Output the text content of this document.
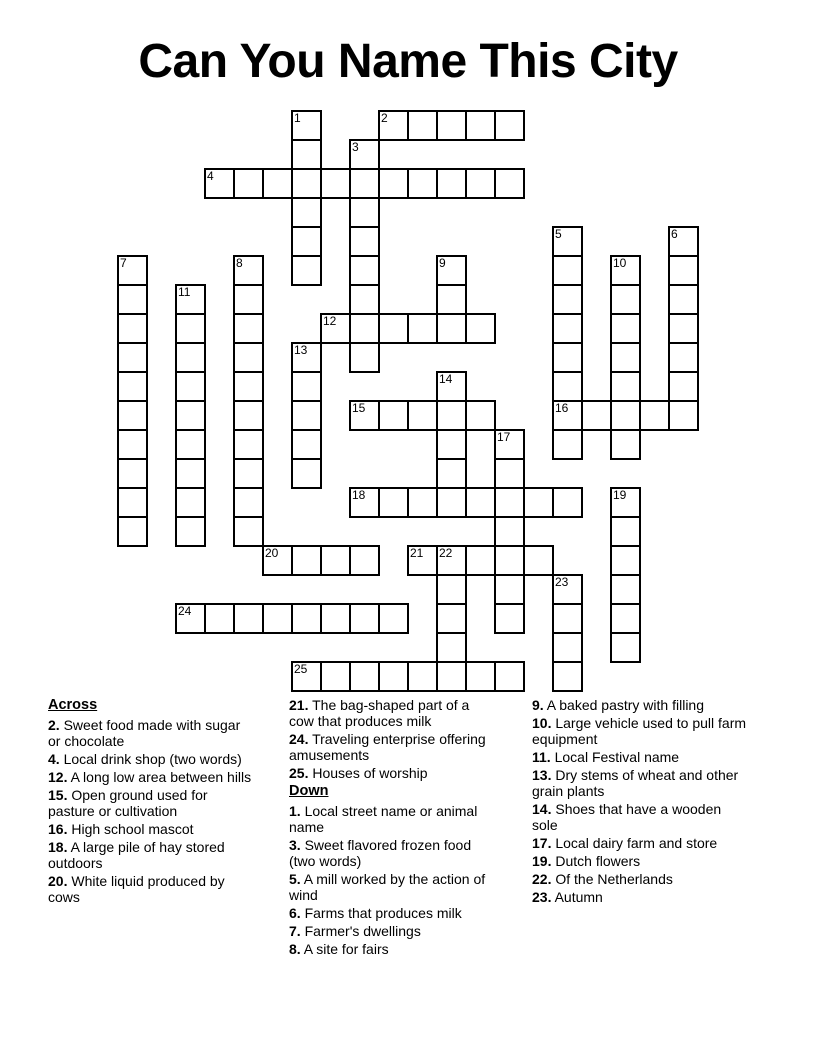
Can You Name This City
1	2
3
4
5
16
6
7	8	9	10
11
12
13
14
15
17
18	19
20	21 22
23
24
25

Across

2. Sweet food made with sugar or chocolate

4. Local drink shop (two words)

12. A long low area between hills

15. Open ground used for pasture or cultivation

16. High school mascot

18. A large pile of hay stored outdoors

20. White liquid produced by cows

21. The bag-shaped part of a cow that produces milk

24. Traveling enterprise offering amusements

25. Houses of worship

Down

1. Local street name or animal name

3. Sweet flavored frozen food (two words)

5. A mill worked by the action of wind

6. Farms that produces milk

7. Farmer's dwellings

8. A site for fairs

9. A baked pastry with filling

10. Large vehicle used to pull farm equipment

11. Local Festival name

13. Dry stems of wheat and other grain plants

14. Shoes that have a wooden sole

17. Local dairy farm and store

19. Dutch flowers

22. Of the Netherlands

23. Autumn
